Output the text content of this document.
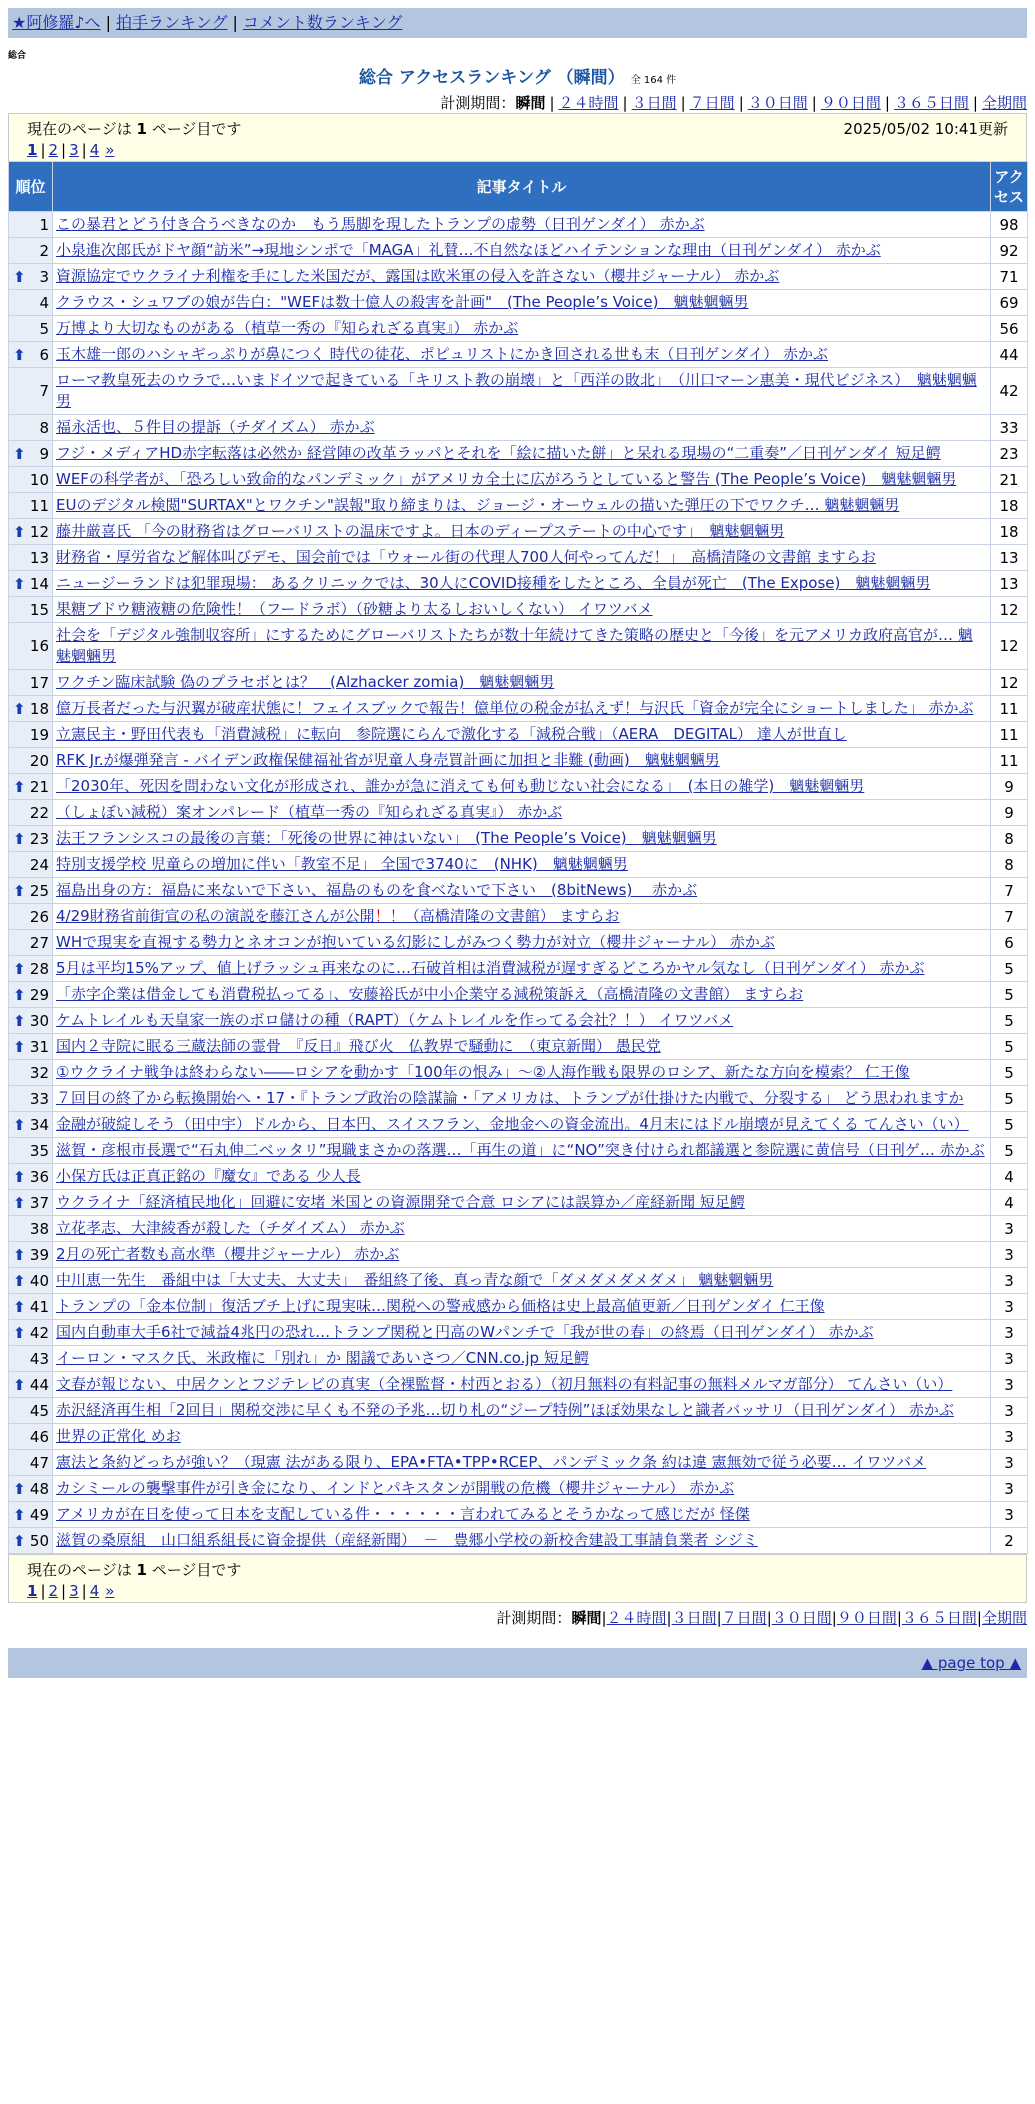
★阿修羅♪へ | 拍手ランキング | コメント数ランキング
総合
総合 アクセスランキング （瞬間） 全 164 件
計測期間：瞬間 | ２４時間 | ３日間 | ７日間 | ３０日間 | ９０日間 | ３６５日間 | 全期間
現在のページは 1 ページ目です	2025/05/02 10:41更新
1 | 2 | 3 | 4 »
順位	記事タイトル	アクセス
1	この暴君とどう付き合うべきなのか　もう馬脚を現したトランプの虚勢（日刊ゲンダイ） 赤かぶ	98
2	小泉進次郎氏がドヤ顔“訪米”→現地シンポで「MAGA」礼賛…不自然なほどハイテンションな理由（日刊ゲンダイ） 赤かぶ	92

⬆ 3	資源協定でウクライナ利権を手にした米国だが、露国は欧米軍の侵入を許さない（櫻井ジャーナル） 赤かぶ	71
4	クラウス・シュワブの娘が告白："WEFは数十億人の殺害を計画"　(The People’s Voice)　魑魅魍魎男	69
5	万博より大切なものがある（植草一秀の『知られざる真実』） 赤かぶ	56

⬆ 6	玉木雄一郎のハシャギっぷりが鼻につく 時代の徒花、ポピュリストにかき回される世も末（日刊ゲンダイ） 赤かぶ	44
7	ローマ教皇死去のウラで…いまドイツで起きている「キリスト教の崩壊」と「西洋の敗北」　（川口マーン惠美・現代ビジネス）　魑魅魍魎男	42
8	福永活也、５件目の提訴（チダイズム） 赤かぶ	33

⬆ 9	フジ・メディアHD赤字転落は必然か 経営陣の改革ラッパとそれを「絵に描いた餅」と呆れる現場の“二重奏”／日刊ゲンダイ 短足鰐	23
10	WEFの科学者が、「恐ろしい致命的なパンデミック」がアメリカ全土に広がろうとしていると警告 (The People’s Voice)　魑魅魍魎男	21
11	EUのデジタル検閲"SURTAX"とワクチン"誤報"取り締まりは、ジョージ・オーウェルの描いた弾圧の下でワクチ… 魑魅魍魎男	18

⬆ 12	藤井厳喜氏 「今の財務省はグローバリストの温床ですよ。日本のディープステートの中心です」　魑魅魍魎男	18
13	財務省・厚労省など解体叫びデモ、国会前では「ウォール街の代理人700人何やってんだ！」　高橋清隆の文書館 ますらお	13

⬆ 14	ニュージーランドは犯罪現場： あるクリニックでは、30人にCOVID接種をしたところ、全員が死亡　(The Expose)　魑魅魍魎男	13
15	果糖ブドウ糖液糖の危険性！（フードラボ）（砂糖より太るしおいしくない） イワツバメ	12
16	社会を「デジタル強制収容所」にするためにグローバリストたちが数十年続けてきた策略の歴史と「今後」を元アメリカ政府高官が… 魑魅魍魎男	12
17	ワクチン臨床試験 偽のプラセボとは？　(Alzhacker zomia)　魑魅魍魎男	12

⬆ 18	億万長者だった与沢翼が破産状態に！フェイスブックで報告！億単位の税金が払えず！与沢氏「資金が完全にショートしました」 赤かぶ	11
19	立憲民主・野田代表も「消費減税」に転向　参院選にらんで激化する「減税合戦」（AERA　DEGITAL） 達人が世直し	11
20	RFK Jr.が爆弾発言 - バイデン政権保健福祉省が児童人身売買計画に加担と非難 (動画)　魑魅魍魎男	11

⬆ 21	「2030年、死因を問わない文化が形成され、誰かが急に消えても何も動じない社会になる」　(本日の雑学)　魑魅魍魎男	9
22	（しょぼい減税）案オンパレード（植草一秀の『知られざる真実』） 赤かぶ	9

⬆ 23	法王フランシスコの最後の言葉：「死後の世界に神はいない」　(The People’s Voice)　魑魅魍魎男	8
24	特別支援学校 児童らの増加に伴い「教室不足」 全国で3740に　(NHK)　魑魅魍魎男	8

⬆ 25	福島出身の方：福島に来ないで下さい、福島のものを食べないで下さい　(8bitNews)　 赤かぶ	7
26	4/29財務省前街宣の私の演説を藤江さんが公開！！（高橋清隆の文書館） ますらお	7
27	WHで現実を直視する勢力とネオコンが抱いている幻影にしがみつく勢力が対立（櫻井ジャーナル） 赤かぶ	6

⬆ 28	5月は平均15%アップ、値上げラッシュ再来なのに…石破首相は消費減税が遅すぎるどころかヤル気なし（日刊ゲンダイ） 赤かぶ	5

⬆ 29	「赤字企業は借金しても消費税払ってる」、安藤裕氏が中小企業守る減税策訴え（高橋清隆の文書館） ますらお	5

⬆ 30	ケムトレイルも天皇家一族のボロ儲けの種（RAPT）（ケムトレイルを作ってる会社？！） イワツバメ	5

⬆ 31	国内２寺院に眠る三蔵法師の霊骨　『反日』飛び火　仏教界で騒動に　（東京新聞） 愚民党	5
32	①ウクライナ戦争は終わらない――ロシアを動かす「100年の恨み」～②人海作戦も限界のロシア、新たな方向を模索？ 仁王像	5
33	７回目の終了から転換開始へ・17・『トランプ政治の陰謀論・「アメリカは、トランプが仕掛けた内戦で、分裂する」 どう思われますか	5

⬆ 34	金融が破綻しそう（田中宇）ドルから、日本円、スイスフラン、金地金への資金流出。4月末にはドル崩壊が見えてくる てんさい（い）	5
35	滋賀・彦根市長選で“石丸伸二ベッタリ”現職まさかの落選…「再生の道」に“NO”突き付けられ都議選と参院選に黄信号（日刊ゲ… 赤かぶ	5

⬆ 36	小保方氏は正真正銘の『魔女』である 少人長	4

⬆ 37	ウクライナ「経済植民地化」回避に安堵 米国との資源開発で合意 ロシアには誤算か／産経新聞 短足鰐	4
38	立花孝志、大津綾香が殺した（チダイズム） 赤かぶ	3

⬆ 39	2月の死亡者数も高水準（櫻井ジャーナル） 赤かぶ	3

⬆ 40	中川恵一先生　番組中は「大丈夫、大丈夫」　番組終了後、真っ青な顔で「ダメダメダメダメ」 魑魅魍魎男	3

⬆ 41	トランプの「金本位制」復活ブチ上げに現実味…関税への警戒感から価格は史上最高値更新／日刊ゲンダイ 仁王像	3

⬆ 42	国内自動車大手6社で減益4兆円の恐れ…トランプ関税と円高のWパンチで「我が世の春」の終焉（日刊ゲンダイ） 赤かぶ	3
43	イーロン・マスク氏、米政権に「別れ」か 閣議であいさつ／CNN.co.jp 短足鰐	3

⬆ 44	文春が報じない、中居クンとフジテレビの真実（全裸監督・村西とおる）（初月無料の有料記事の無料メルマガ部分） てんさい（い）	3
45	赤沢経済再生相「2回目」関税交渉に早くも不発の予兆…切り札の“ジープ特例”ほぼ効果なしと識者バッサリ（日刊ゲンダイ） 赤かぶ	3
46	世界の正常化 めお	3
47	憲法と条約どっちが強い？（現憲 法がある限り、EPA•FTA•TPP•RCEP、パンデミック条 約は違 憲無効で従う必要… イワツバメ	3

⬆ 48	カシミールの襲撃事件が引き金になり、インドとパキスタンが開戦の危機（櫻井ジャーナル） 赤かぶ	3

⬆ 49	アメリカが在日を使って日本を支配している件・・・・・・言われてみるとそうかなって感じだが 怪傑	3

⬆ 50	滋賀の桑原組　山口組系組長に資金提供（産経新聞）　－　豊郷小学校の新校舎建設工事請負業者 シジミ	2
現在のページは 1 ページ目です
1 | 2 | 3 | 4 »
計測期間：瞬間|２４時間|３日間|７日間|３０日間|９０日間|３６５日間|全期間
▲ page top ▲
